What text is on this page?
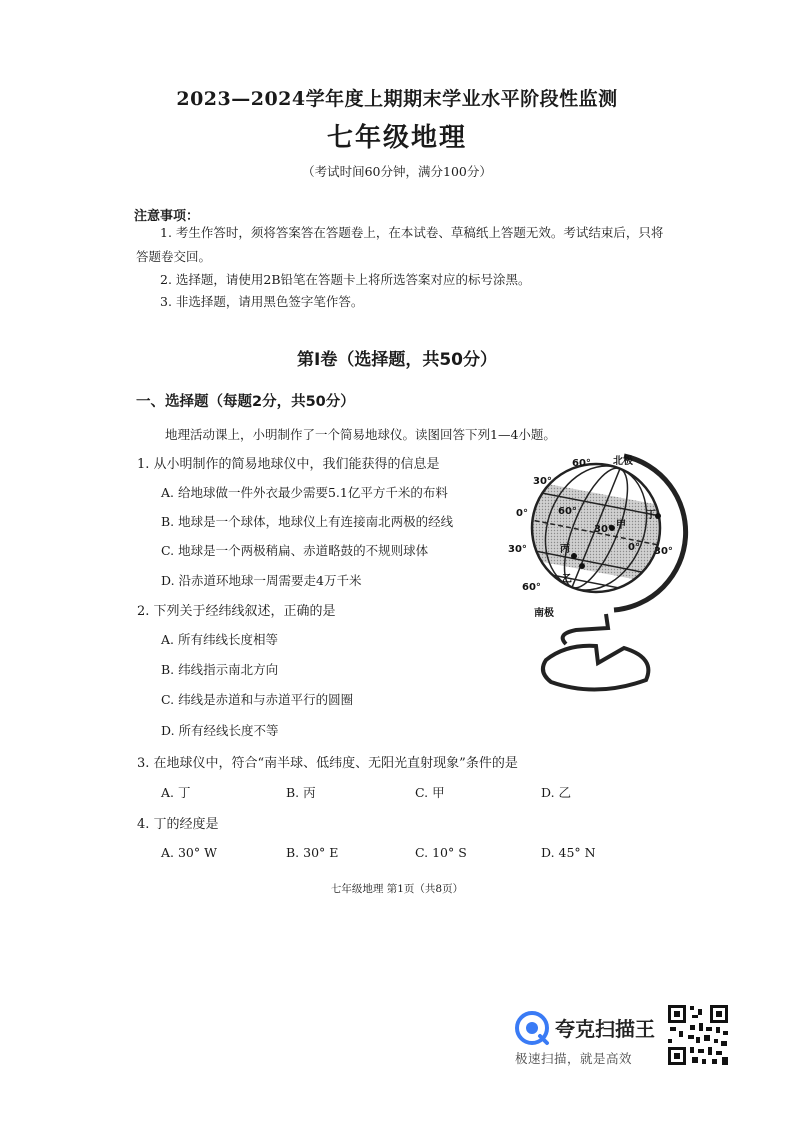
2023—2024学年度上期期末学业水平阶段性监测
七年级地理
（考试时间60分钟，满分100分）
注意事项：
1. 考生作答时，须将答案答在答题卷上，在本试卷、草稿纸上答题无效。考试结束后，只将
答题卷交回。
2. 选择题，请使用2B铅笔在答题卡上将所选答案对应的标号涂黑。
3. 非选择题，请用黑色签字笔作答。
第Ⅰ卷（选择题，共50分）
一、选择题（每题2分，共50分）
地理活动课上，小明制作了一个简易地球仪。读图回答下列1—4小题。
1. 从小明制作的简易地球仪中，我们能获得的信息是
A. 给地球做一件外衣最少需要5.1亿平方千米的布料
B. 地球是一个球体，地球仪上有连接南北两极的经线
C. 地球是一个两极稍扁、赤道略鼓的不规则球体
D. 沿赤道环地球一周需要走4万千米
2. 下列关于经纬线叙述，正确的是
A. 所有纬线长度相等
B. 纬线指示南北方向
C. 纬线是赤道和与赤道平行的圆圈
D. 所有经线长度不等
3. 在地球仪中，符合“南半球、低纬度、无阳光直射现象”条件的是
A. 丁	B. 丙	C. 甲	D. 乙
4. 丁的经度是
A. 30° W	B. 30° E	C. 10° S	D. 45° N
60° 北极
30°
0°
30°
60°
南极
60°
30° 甲
0° 30°
丁
丙
乙
七年级地理 第1页（共8页）
夸克扫描王
极速扫描，就是高效
